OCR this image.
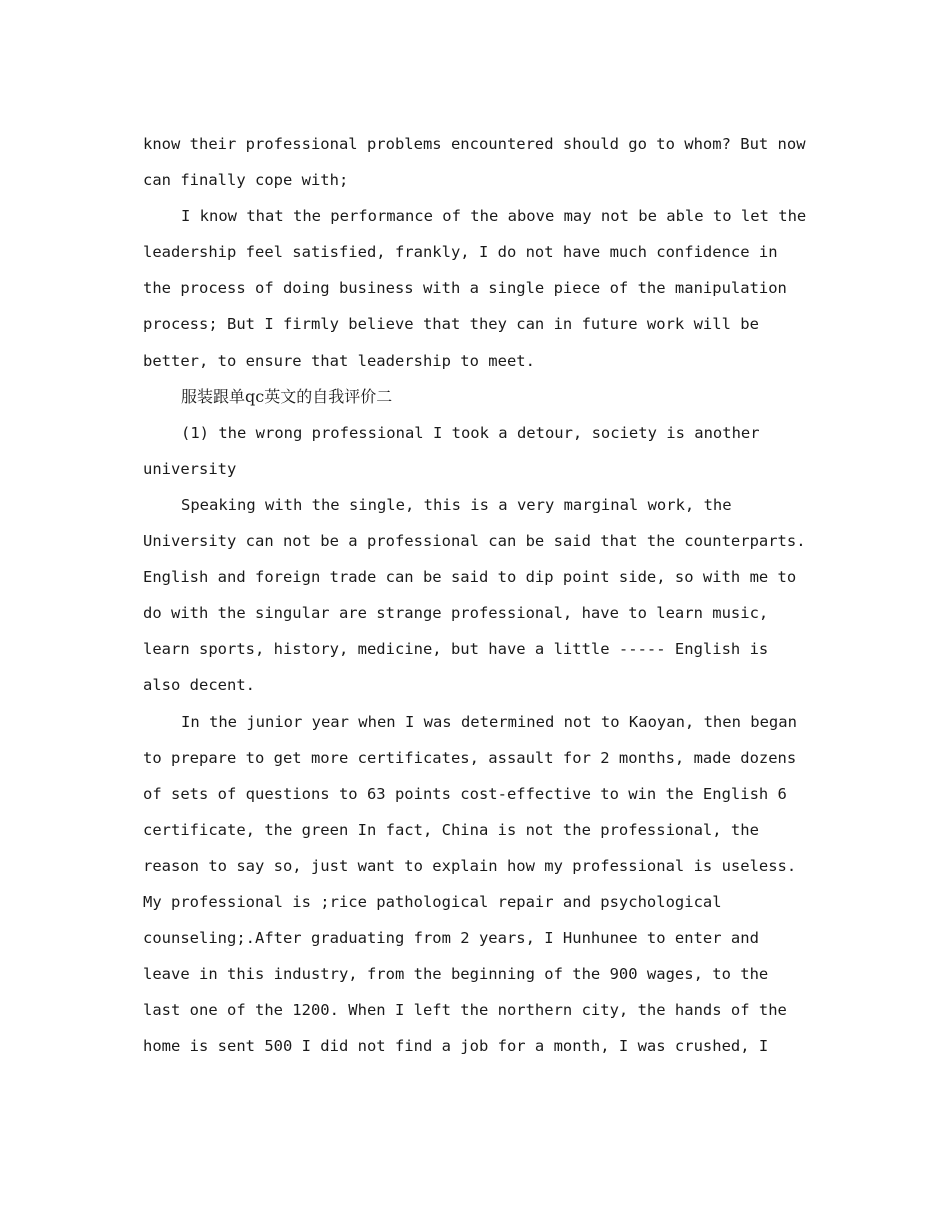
know their professional problems encountered should go to whom? But now
can finally cope with;
I know that the performance of the above may not be able to let the
leadership feel satisfied, frankly, I do not have much confidence in
the process of doing business with a single piece of the manipulation
process; But I firmly believe that they can in future work will be
better, to ensure that leadership to meet.
服装跟单qc英文的自我评价二
(1) the wrong professional I took a detour, society is another
university
Speaking with the single, this is a very marginal work, the
University can not be a professional can be said that the counterparts.
English and foreign trade can be said to dip point side, so with me to
do with the singular are strange professional, have to learn music,
learn sports, history, medicine, but have a little ----- English is
also decent.
In the junior year when I was determined not to Kaoyan, then began
to prepare to get more certificates, assault for 2 months, made dozens
of sets of questions to 63 points cost-effective to win the English 6
certificate, the green In fact, China is not the professional, the
reason to say so, just want to explain how my professional is useless.
My professional is ;rice pathological repair and psychological
counseling;.After graduating from 2 years, I Hunhunee to enter and
leave in this industry, from the beginning of the 900 wages, to the
last one of the 1200. When I left the northern city, the hands of the
home is sent 500 I did not find a job for a month, I was crushed, I
